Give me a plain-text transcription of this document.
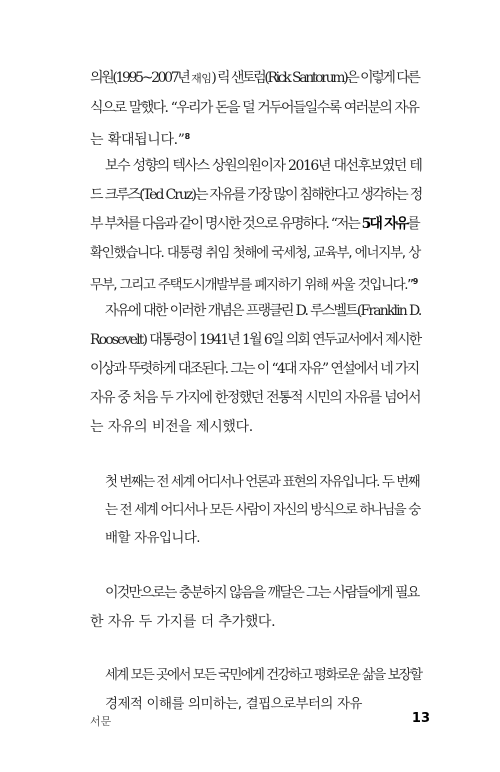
의원(1995~2007년 재임) 릭 샌토럼(Rick Santorum)은 이렇게 다른
식으로 말했다. “우리가 돈을 덜 거두어들일수록 여러분의 자유
는 확대됩니다.”$^8$
보수 성향의 텍사스 상원의원이자 2016년 대선후보였던 테
드 크루즈(Ted Cruz)는 자유를 가장 많이 침해한다고 생각하는 정
부 부처를 다음과 같이 명시한 것으로 유명하다. “저는 5대 자유를
확인했습니다. 대통령 취임 첫해에 국세청, 교육부, 에너지부, 상
무부, 그리고 주택도시개발부를 폐지하기 위해 싸울 것입니다.”$^9$
자유에 대한 이러한 개념은 프랭클린 D. 루스벨트(Franklin D.
Roosevelt) 대통령이 1941년 1월 6일 의회 연두교서에서 제시한
이상과 뚜렷하게 대조된다. 그는 이 “4대 자유” 연설에서 네 가지
자유 중 처음 두 가지에 한정했던 전통적 시민의 자유를 넘어서
는 자유의 비전을 제시했다.
첫 번째는 전 세계 어디서나 언론과 표현의 자유입니다. 두 번째
는 전 세계 어디서나 모든 사람이 자신의 방식으로 하나님을 숭
배할 자유입니다.
이것만으로는 충분하지 않음을 깨달은 그는 사람들에게 필요
한 자유 두 가지를 더 추가했다.
세계 모든 곳에서 모든 국민에게 건강하고 평화로운 삶을 보장할
경제적 이해를 의미하는, 결핍으로부터의 자유
서문	13
